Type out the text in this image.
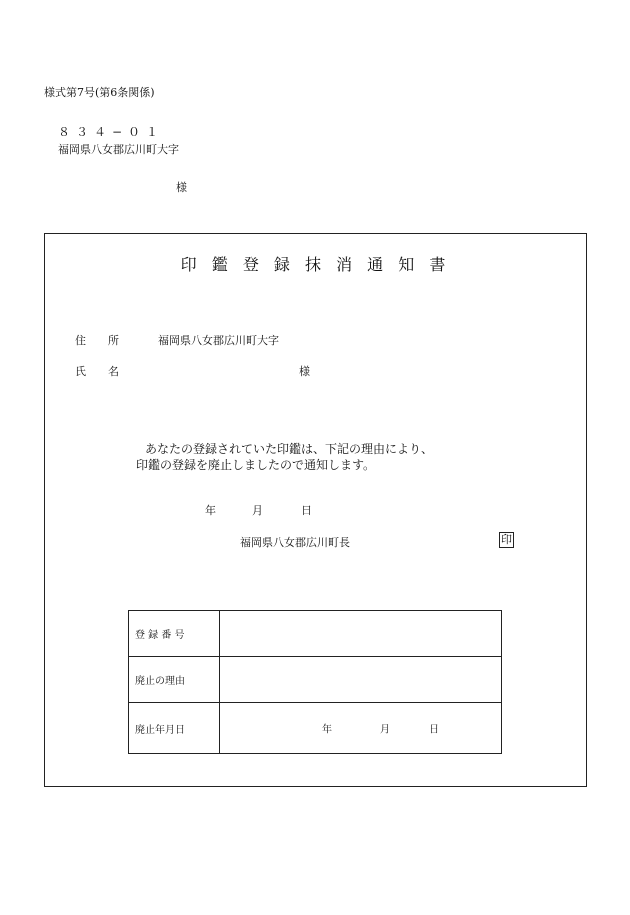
様式第7号(第6条関係)
８３４−０１
福岡県八女郡広川町大字
様
印 鑑 登 録 抹 消 通 知 書
住　　所	福岡県八女郡広川町大字
氏　　名	様
あなたの登録されていた印鑑は、下記の理由により、
印鑑の登録を廃止しましたので通知します。
年	月	日
福岡県八女郡広川町長	印
登 録 番 号	
廃止の理由	
廃止年月日	年 月 日
